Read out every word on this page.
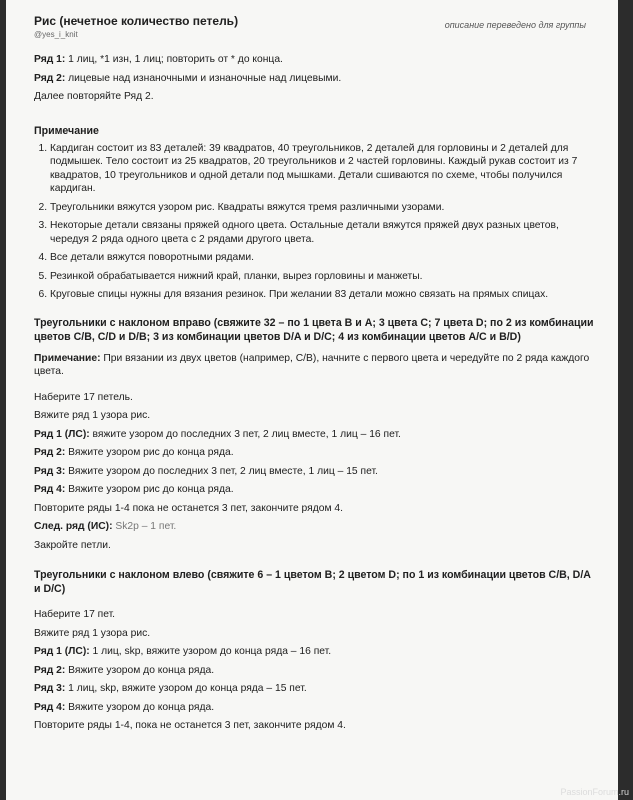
Рис (нечетное количество петель)
@yes_i_knit
описание переведено для группы

Ряд 1: 1 лиц, *1 изн, 1 лиц; повторить от * до конца.

Ряд 2: лицевые над изнаночными и изнаночные над лицевыми.

Далее повторяйте Ряд 2.

Примечание
1. Кардиган состоит из 83 деталей: 39 квадратов, 40 треугольников, 2 деталей для горловины и 2 деталей для подмышек. Тело состоит из 25 квадратов, 20 треугольников и 2 частей горловины. Каждый рукав состоит из 7 квадратов, 10 треугольников и одной детали под мышками. Детали сшиваются по схеме, чтобы получился кардиган.
2. Треугольники вяжутся узором рис. Квадраты вяжутся тремя различными узорами.
3. Некоторые детали связаны пряжей одного цвета. Остальные детали вяжутся пряжей двух разных цветов, чередуя 2 ряда одного цвета с 2 рядами другого цвета.
4. Все детали вяжутся поворотными рядами.
5. Резинкой обрабатывается нижний край, планки, вырез горловины и манжеты.
6. Круговые спицы нужны для вязания резинок. При желании 83 детали можно связать на прямых спицах.
Треугольники с наклоном вправо (свяжите 32 – по 1 цвета B и A; 3 цвета C; 7 цвета D; по 2 из комбинации цветов C/B, C/D и D/B; 3 из комбинации цветов D/A и D/C; 4 из комбинации цветов A/C и B/D)

Примечание: При вязании из двух цветов (например, C/B), начните с первого цвета и чередуйте по 2 ряда каждого цвета.

Наберите 17 петель.

Вяжите ряд 1 узора рис.

Ряд 1 (ЛС): вяжите узором до последних 3 пет, 2 лиц вместе, 1 лиц – 16 пет.

Ряд 2: Вяжите узором рис до конца ряда.

Ряд 3: Вяжите узором до последних 3 пет, 2 лиц вместе, 1 лиц – 15 пет.

Ряд 4: Вяжите узором рис до конца ряда.

Повторите ряды 1-4 пока не останется 3 пет, закончите рядом 4.

След. ряд (ИС): Sk2p – 1 пет.

Закройте петли.

Треугольники с наклоном влево (свяжите 6 – 1 цветом B; 2 цветом D; по 1 из комбинации цветов C/B, D/A и D/C)

Наберите 17 пет.

Вяжите ряд 1 узора рис.

Ряд 1 (ЛС): 1 лиц, skp, вяжите узором до конца ряда – 16 пет.

Ряд 2: Вяжите узором до конца ряда.

Ряд 3: 1 лиц, skp, вяжите узором до конца ряда – 15 пет.

Ряд 4: Вяжите узором до конца ряда.

Повторите ряды 1-4, пока не останется 3 пет, закончите рядом 4.

PassionForum.ru
